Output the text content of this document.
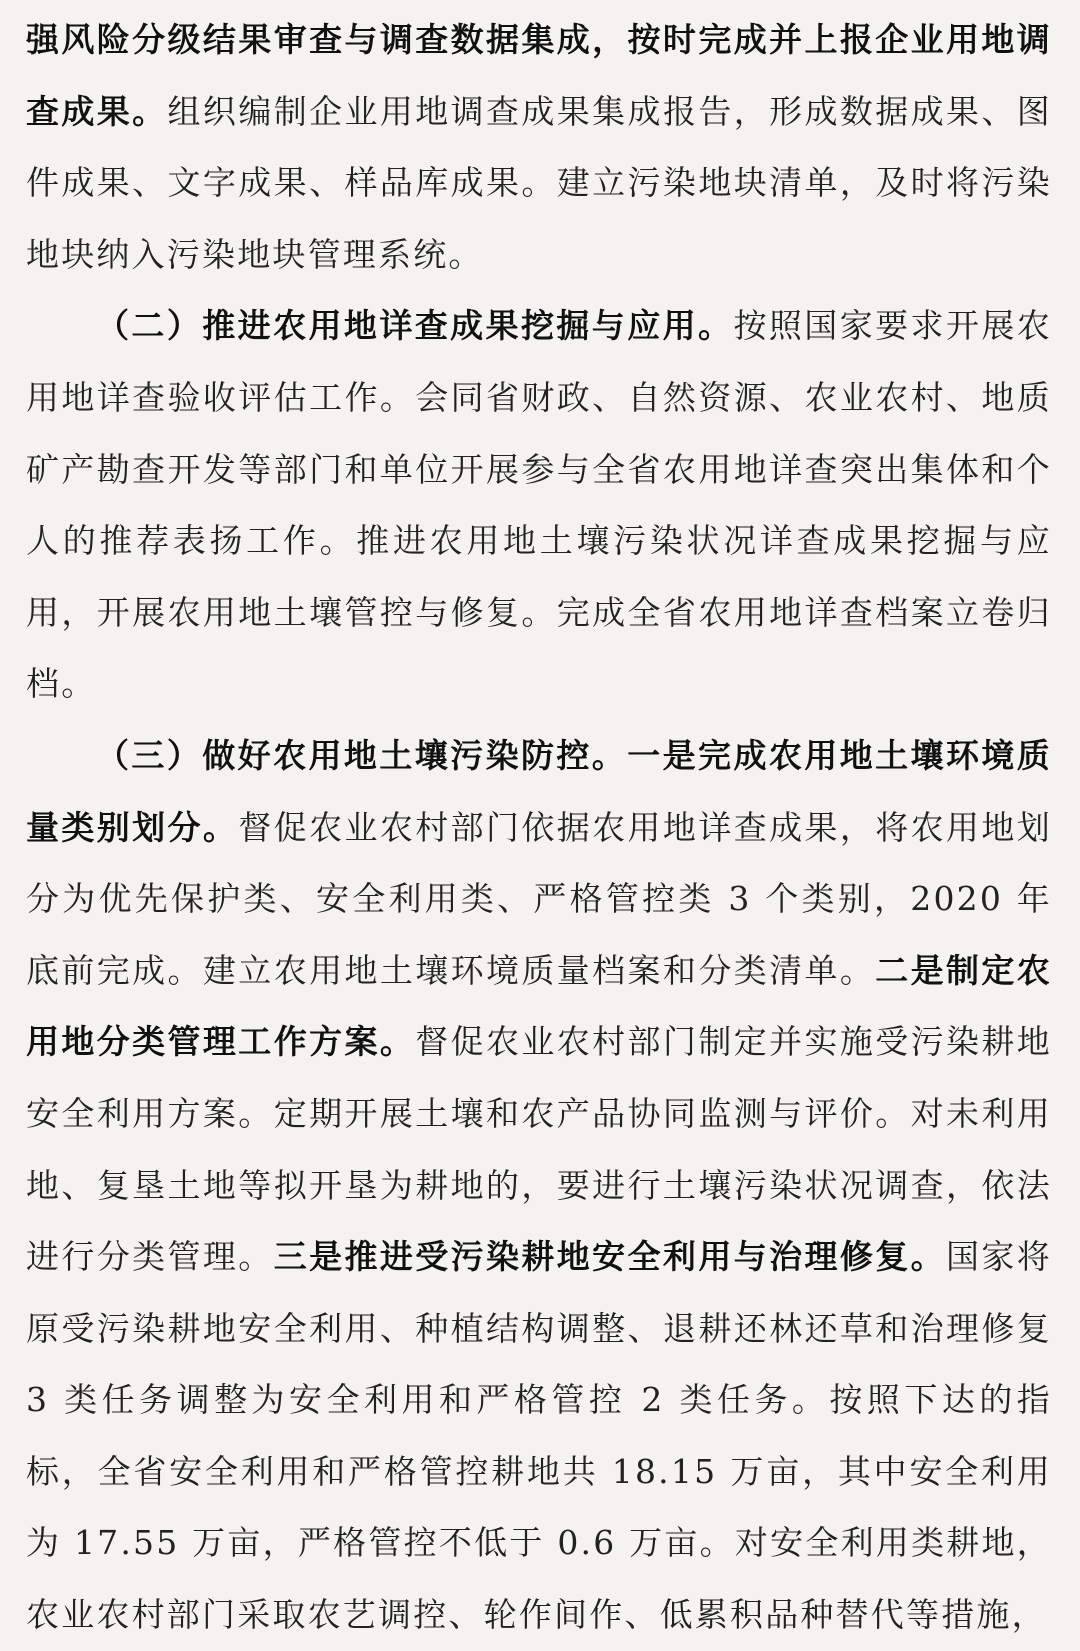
强风险分级结果审查与调查数据集成，按时完成并上报企业用地调查成果。组织编制企业用地调查成果集成报告，形成数据成果、图件成果、文字成果、样品库成果。建立污染地块清单，及时将污染地块纳入污染地块管理系统。

（二）推进农用地详查成果挖掘与应用。按照国家要求开展农用地详查验收评估工作。会同省财政、自然资源、农业农村、地质矿产勘查开发等部门和单位开展参与全省农用地详查突出集体和个人的推荐表扬工作。推进农用地土壤污染状况详查成果挖掘与应用，开展农用地土壤管控与修复。完成全省农用地详查档案立卷归档。

（三）做好农用地土壤污染防控。一是完成农用地土壤环境质量类别划分。督促农业农村部门依据农用地详查成果，将农用地划分为优先保护类、安全利用类、严格管控类 3 个类别，2020 年底前完成。建立农用地土壤环境质量档案和分类清单。二是制定农用地分类管理工作方案。督促农业农村部门制定并实施受污染耕地安全利用方案。定期开展土壤和农产品协同监测与评价。对未利用地、复垦土地等拟开垦为耕地的，要进行土壤污染状况调查，依法进行分类管理。三是推进受污染耕地安全利用与治理修复。国家将原受污染耕地安全利用、种植结构调整、退耕还林还草和治理修复 3 类任务调整为安全利用和严格管控 2 类任务。按照下达的指标，全省安全利用和严格管控耕地共 18.15 万亩，其中安全利用为 17.55 万亩，严格管控不低于 0.6 万亩。对安全利用类耕地，农业农村部门采取农艺调控、轮作间作、低累积品种替代等措施，
